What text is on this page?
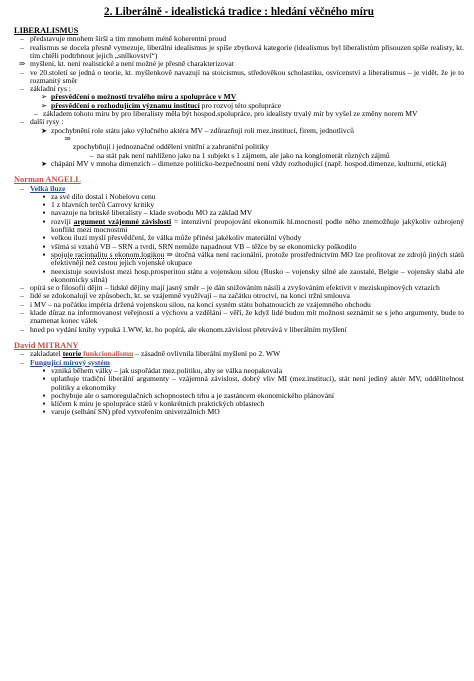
2. Liberálně - idealistická tradice : hledání věčného míru
LIBERALISMUS
– představuje mnohem širší a tím mnohem méně koherentní proud
– realismus se docela přesně vymezuje, liberální idealismus je spíše zbytková kategorie (idealismus byl liberalistům přisouzen spíše realisty, kt. tím chtěli podtrhnout jejich „snílkovství“)
⇒ myšlení, kt. není realistické a není možné je přesně charakterizovat
– ve 20.století se jedná o teorie, kt. myšlenkově navazují na stoicismus, středověkou scholastiku, osvícenství a liberalismus – je vidět, že je to rozmanitý směr
– základní rys :
➢ přesvědčení o možnosti trvalého míru a spolupráce v MV
➢ přesvědčení o rozhodujícím významu institucí pro rozvoj této spolupráce
– základem tohoto míru by pro liberalisty měla být hospod.spolupráce, pro idealisty trvalý mír by vyšel ze změny norem MV
– další rysy :
➤ zpochybnění role státu jako výlučného aktéra MV – zdůrazňují roli mez.institucí, firem, jednotlivců
⇒
zpochybňují i jednoznačné oddělení vnitřní a zahraniční politiky
– na stát pak není nahlíženo jako na 1 subjekt s 1 zájmem, ale jako na konglomerát různých zájmů
➤ chápání MV v mnoha dimenzích – dimenze politicko-bezpečnostní není vždy rozhodující (např. hospod.dimenze, kulturní, etická)
Norman ANGELL
– Velká iluze
▪ za své dílo dostal i Nobelovu cenu
▪ 1 z hlavních terčů Carrovy kritiky
▪ navazuje na britské liberalisty – klade svobodu MO za základ MV
▪ rozvíjí argument vzájemné závislosti = intenzivní propojování ekonomik hl.mocností podle něho znemožňuje jakýkoliv ozbrojený konflikt mezi mocnostmi
▪ velkou iluzí myslí přesvědčení, že válka může přinést jakékoliv materiální výhody
▪ všímá si vztahů VB – SRN a tvrdí, SRN nemůže napadnout VB – těžce by se ekonomicky poškodilo
▪ spojuje racionalitu s ekonom.logikou ⇒ útočná válka není racionální, protože prostřednictvím MO lze profitovat ze zdrojů jiných států efektivněji než cestou jejich vojenské okupace
▪ neexistuje souvislost mezi hosp.prosperitou státu a vojenskou silou (Rusko – vojensky silné ale zaostalé, Belgie – vojensky slabá ale ekonomicky silná)
– opírá se o filosofii dějin – lidské dějiny mají jasný směr – je dán snižováním násilí a zvyšováním efektivit v meziskupinových vztazích
– lidé se zdokonalují ve způsobech, kt. se vzájemně využívají – na začátku otroctví, na konci tržní smlouva
– i MV – na počátku impéria držená vojenskou silou, na konci systém státu bohatnoucích ze vzájemného obchodu
– klade důraz na informovanost veřejnosti a výchovu a vzdělání – věří, že když lidé budou mít možnost seznámit se s jeho argumenty, bude to znamenat konec válek
– hned po vydání knihy vypuká 1.WW, kt. ho popírá, ale ekonom.závislost přetrvává v liberálním myšlení
David MITRANY
– zakladatel teorie funkcionalismu – zásadně ovlivnila liberální myšlení po 2. WW
– Fungující mírový systém
▪ vzniká během války – jak uspořádat mez.politiku, aby se válka neopakovala
▪ uplatňuje tradiční liberální argumenty – vzájemná závislost, dobrý vliv MI (mez.instituci), stát není jediný aktér MV, oddělitelnost politiky a ekonomiky
▪ pochybuje ale o samoregulačních schopnostech trhu a je zastáncem ekonomického plánování
▪ klíčem k míru je spolupráce států v konkrétních praktických oblastech
▪ varuje (selhání SN) před vytvořením univerzálních MO
